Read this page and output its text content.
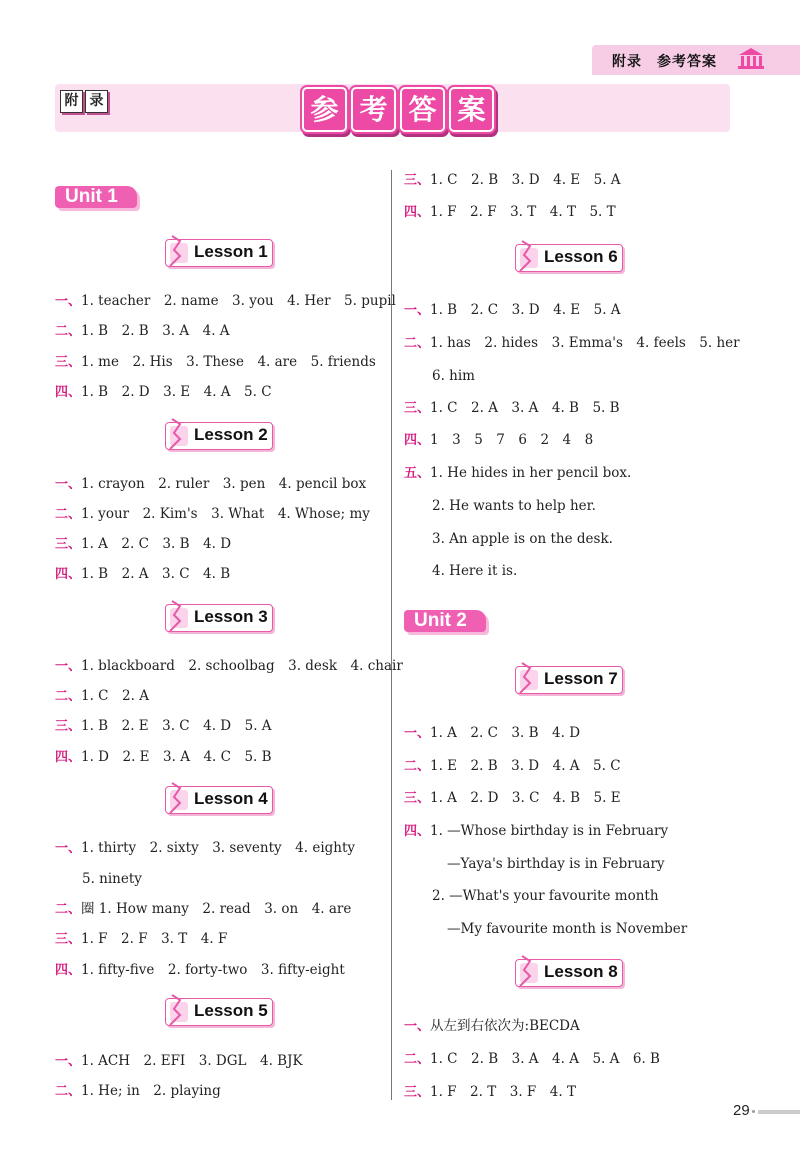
附录　参考答案
附 录	参 考 答 案
Unit 1
Unit 2
Lesson 1
Lesson 2
Lesson 3
Lesson 4
Lesson 5
Lesson 6
Lesson 7
Lesson 8
一、1. teacher　2. name　3. you　4. Her　5. pupil
二、1. B　2. B　3. A　4. A
三、1. me　2. His　3. These　4. are　5. friends
四、1. B　2. D　3. E　4. A　5. C
一、1. crayon　2. ruler　3. pen　4. pencil box
二、1. your　2. Kim's　3. What　4. Whose; my
三、1. A　2. C　3. B　4. D
四、1. B　2. A　3. C　4. B
一、1. blackboard　2. schoolbag　3. desk　4. chair
二、1. C　2. A
三、1. B　2. E　3. C　4. D　5. A
四、1. D　2. E　3. A　4. C　5. B
一、1. thirty　2. sixty　3. seventy　4. eighty
5. ninety
二、圈 1. How many　2. read　3. on　4. are
三、1. F　2. F　3. T　4. F
四、1. fifty-five　2. forty-two　3. fifty-eight
一、1. ACH　2. EFI　3. DGL　4. BJK
二、1. He; in　2. playing
三、1. C　2. B　3. D　4. E　5. A
四、1. F　2. F　3. T　4. T　5. T
一、1. B　2. C　3. D　4. E　5. A
二、1. has　2. hides　3. Emma's　4. feels　5. her
6. him
三、1. C　2. A　3. A　4. B　5. B
四、1　3　5　7　6　2　4　8
五、1. He hides in her pencil box.
2. He wants to help her.
3. An apple is on the desk.
4. Here it is.
一、1. A　2. C　3. B　4. D
二、1. E　2. B　3. D　4. A　5. C
三、1. A　2. D　3. C　4. B　5. E
四、1. —Whose birthday is in February
—Yaya's birthday is in February
2. —What's your favourite month
—My favourite month is November
一、从左到右依次为:BECDA
二、1. C　2. B　3. A　4. A　5. A　6. B
三、1. F　2. T　3. F　4. T
29
